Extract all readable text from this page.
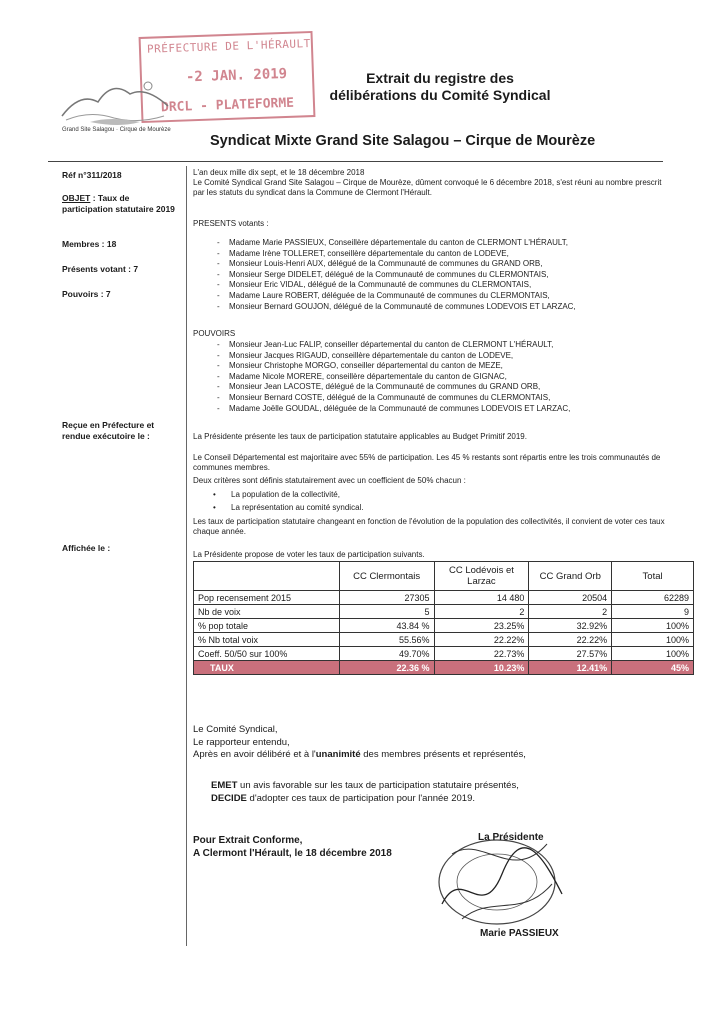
PRÉFECTURE DE L'HÉRAULT
-2 JAN. 2019
DRCL - PLATEFORME
Grand Site Salagou · Cirque de Mourèze
Extrait du registre des
délibérations du Comité Syndical
Syndicat Mixte Grand Site Salagou – Cirque de Mourèze
Réf n°311/2018
OBJET : Taux de participation statutaire 2019
Membres : 18
Présents votant : 7
Pouvoirs : 7
Reçue en Préfecture et rendue exécutoire le :
Affichée le :
L'an deux mille dix sept, et le 18 décembre 2018
Le Comité Syndical Grand Site Salagou – Cirque de Mourèze, dûment convoqué le 6 décembre 2018, s'est réuni au nombre prescrit par les statuts du syndicat dans la Commune de Clermont l'Hérault.
PRESENTS votants :
- Madame Marie PASSIEUX, Conseillère départementale du canton de CLERMONT L'HÉRAULT,
- Madame Irène TOLLERET, conseillère départementale du canton de LODEVE,
- Monsieur Louis-Henri AUX, délégué de la Communauté de communes du GRAND ORB,
- Monsieur Serge DIDELET, délégué de la Communauté de communes du CLERMONTAIS,
- Monsieur Eric VIDAL, délégué de la Communauté de communes du CLERMONTAIS,
- Madame Laure ROBERT, déléguée de la Communauté de communes du CLERMONTAIS,
- Monsieur Bernard GOUJON, délégué de la Communauté de communes LODEVOIS ET LARZAC,
POUVOIRS
- Monsieur Jean-Luc FALIP, conseiller départemental du canton de CLERMONT L'HÉRAULT,
- Monsieur Jacques RIGAUD, conseillère départementale du canton de LODEVE,
- Monsieur Christophe MORGO, conseiller départemental du canton de MEZE,
- Madame Nicole MORERE, conseillère départementale du canton de GIGNAC,
- Monsieur Jean LACOSTE, délégué de la Communauté de communes du GRAND ORB,
- Monsieur Bernard COSTE, délégué de la Communauté de communes du CLERMONTAIS,
- Madame Joëlle GOUDAL, déléguée de la Communauté de communes LODEVOIS ET LARZAC,
La Présidente présente les taux de participation statutaire applicables au Budget Primitif 2019.
Le Conseil Départemental est majoritaire avec 55% de participation. Les 45 % restants sont répartis entre les trois communautés de communes membres.
Deux critères sont définis statutairement avec un coefficient de 50% chacun :
• La population de la collectivité,
• La représentation au comité syndical.
Les taux de participation statutaire changeant en fonction de l'évolution de la population des collectivités, il convient de voter ces taux chaque année.
La Présidente propose de voter les taux de participation suivants.
	CC Clermontais	CC Lodévois et Larzac	CC Grand Orb	Total
Pop recensement 2015	27305	14 480	20504	62289
Nb de voix	5	2	2	9
% pop totale	43.84 %	23.25%	32.92%	100%
% Nb total voix	55.56%	22.22%	22.22%	100%
Coeff. 50/50 sur 100%	49.70%	22.73%	27.57%	100%
TAUX	22.36 %	10.23%	12.41%	45%
Le Comité Syndical,
Le rapporteur entendu,
Après en avoir délibéré et à l'unanimité des membres présents et représentés,
EMET un avis favorable sur les taux de participation statutaire présentés,
DECIDE d'adopter ces taux de participation pour l'année 2019.
Pour Extrait Conforme,
A Clermont l'Hérault, le 18 décembre 2018
La Présidente
Marie PASSIEUX
